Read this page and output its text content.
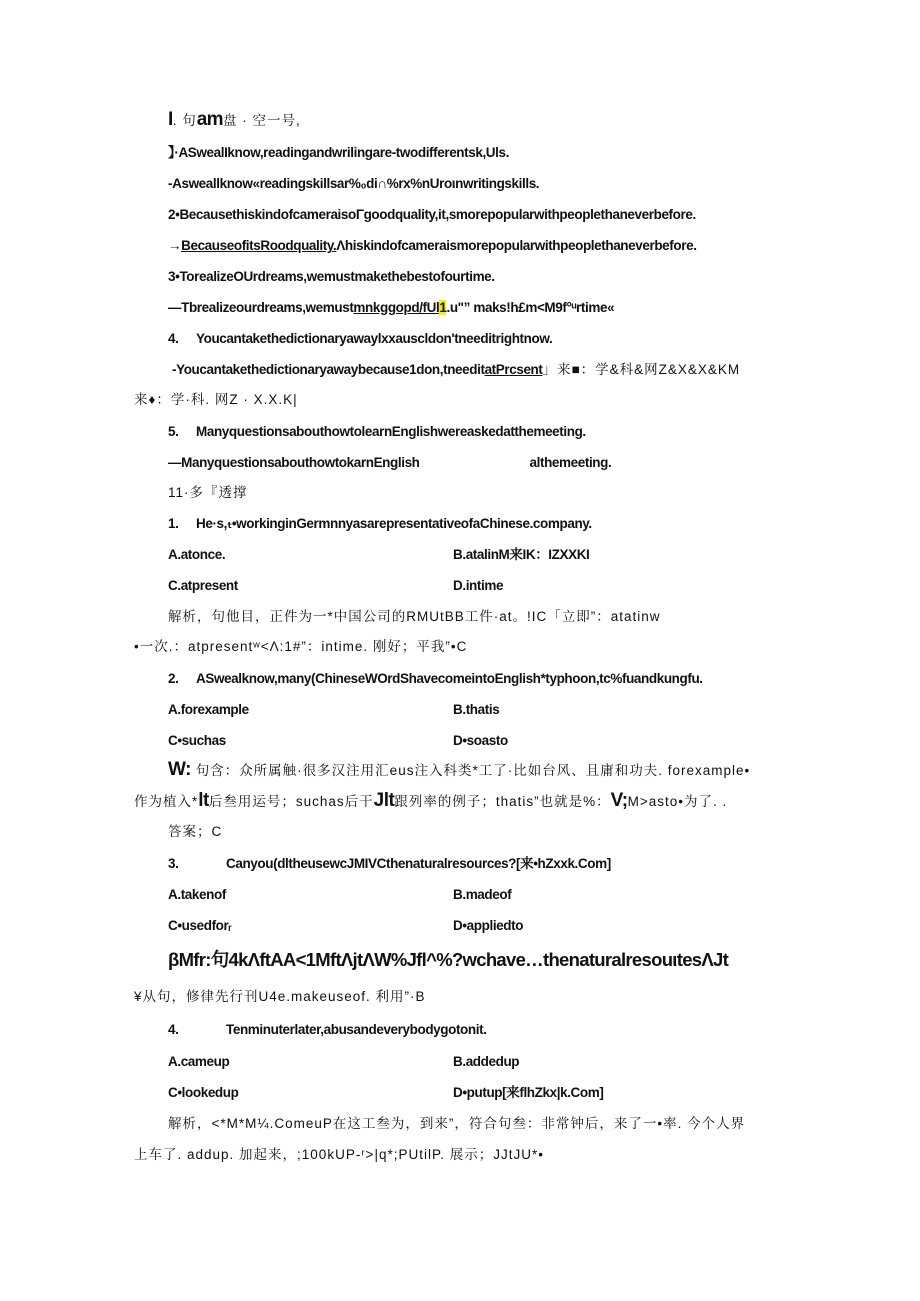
I. 句am盘 · 空一号,
】·ASwealIknow,readingandwrilingare-twodifferentsk,Uls.
-Asweallknow«readingskillsar%₀di∩%rx%nUroιnwritingskills.
2•BecausethiskindofcameraisoΓgoodquality,it,smorepopularwithpeoplethaneverbefore.
→BecauseofitsRoodquality.Λhiskindofcameraismorepopularwithpeoplethaneverbefore.
3•TorealizeOUrdreams,wemustmakethebestofourtime.
—Tbrealizeourdreams,wemustmnkggopd/fUl1.u"” maks!h£m<M9f°ᵘrtime«
4. Youcantakethedictionaryawaylxxauscldon'tneeditrightnow.
-Youcantakethedictionaryawaybecause1don,tneeditatPrcsent」来■：学&科&网Z&X&X&KM
来♦：学·科. 网Z · X.X.K|
5. ManyquestionsabouthowtolearnEnglishwereaskedatthemeeting.
—ManyquestionsabouthowtokarnEnglish	althemeeting.
11·多『透撑
1. He·s,ₜ•workinginGermnnyasarepresentativeofaChinese.company.
A.atonce.	B.atalinM来IK：IZXXKI
C.atpresent	D.intime
解析，句他目，正件为一*中国公司的RMUtBB工件·at。!IC「立即”：atatinw
•一次.：atpresentʷ<Λ:1#”：intime. 刚好；平我”•C
2. ASwealknow,many(ChineseWOrdShavecomeintoEnglish*typhoon,tc%fuandkungfu.
A.forexample	B.thatis
C•suchas	D•soasto
W: 句含：众所属触·很多汉注用汇eus注入科类*工了·比如台风、且庸和功夫. forexample•
作为植入*lt后叁用运号；suchas后干Jlt跟列率的例子；thatis”也就是%：V;M>asto•为了. .
答案；C
3.	Canyou(dltheusewcJMIVCthenaturalresources?[来•hZxxk.Com]
A.takenof	B.madeof
C•usedforᵣ	D•appliedto
βMfr:句4kΛftAA<1MftΛjtΛW%Jfl^%?wchave…thenaturalresouιtesΛJt
¥从句，修律先行刊U4e.makeuseof. 利用”·B
4.	Tenminuterlater,abusandeverybodygotonit.
A.cameup	B.addedup
C•lookedup	D•putup[来flhZkx|k.Com]
解析，<*M*M¼.ComeuP在这工叁为，到来”，符合句叁：非常钟后，来了一•率. 今个人界
上车了. addup. 加起来，;100kUP-ʳ>|q*;PUtilP. 展示；JJtJU*•
